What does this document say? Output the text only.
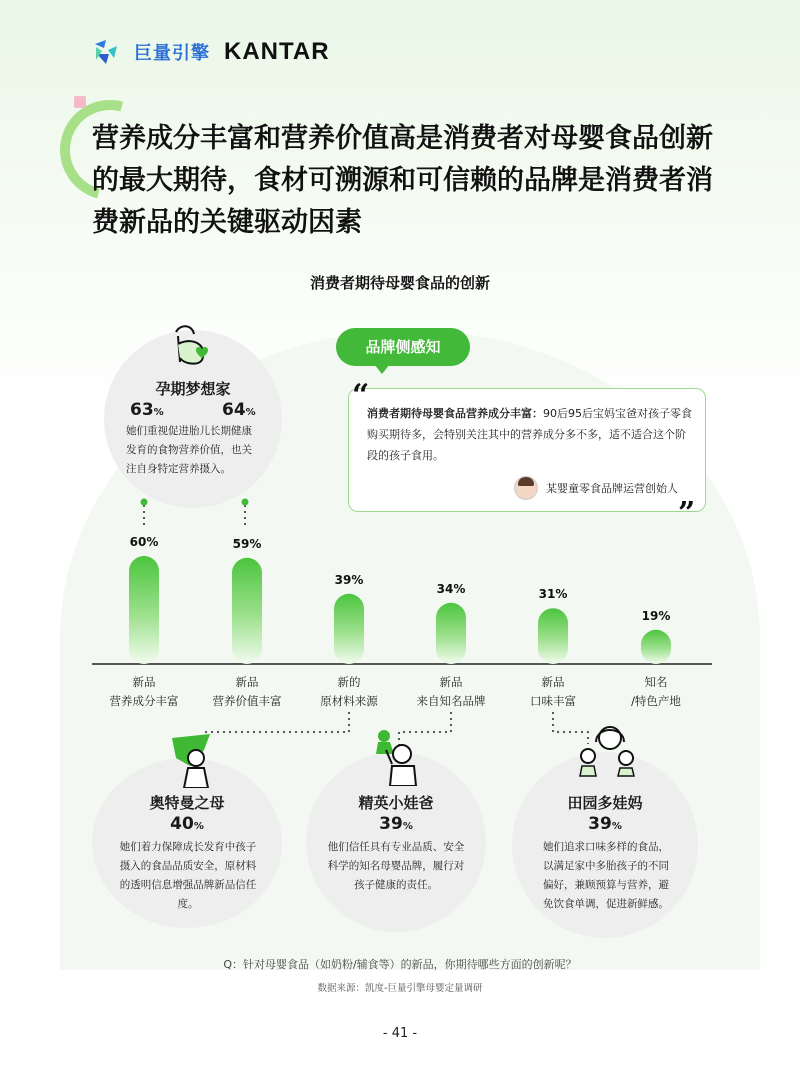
巨量引擎 KANTAR
营养成分丰富和营养价值高是消费者对母婴食品创新的最大期待，食材可溯源和可信赖的品牌是消费者消费新品的关键驱动因素
消费者期待母婴食品的创新
孕期梦想家
63%	64%
她们重视促进胎儿长期健康发育的食物营养价值，也关注自身特定营养摄入。
品牌侧感知
消费者期待母婴食品营养成分丰富：90后95后宝妈宝爸对孩子零食购买期待多，会特别关注其中的营养成分多不多，适不适合这个阶段的孩子食用。
“
”
某婴童零食品牌运营创始人
60%
新品
营养成分丰富
59%
新品
营养价值丰富
39%
新的
原材料来源
34%
新品
来自知名品牌
31%
新品
口味丰富
19%
知名
/特色产地
奥特曼之母
40%
她们着力保障成长发育中孩子摄入的食品品质安全，原材料的透明信息增强品牌新品信任度。
精英小娃爸
39%
他们信任具有专业品质、安全科学的知名母婴品牌，履行对孩子健康的责任。
田园多娃妈
39%
她们追求口味多样的食品，以满足家中多胎孩子的不同偏好，兼顾预算与营养，避免饮食单调，促进新鲜感。
Q：针对母婴食品（如奶粉/辅食等）的新品，你期待哪些方面的创新呢？
数据来源：凯度-巨量引擎母婴定量调研
- 41 -
